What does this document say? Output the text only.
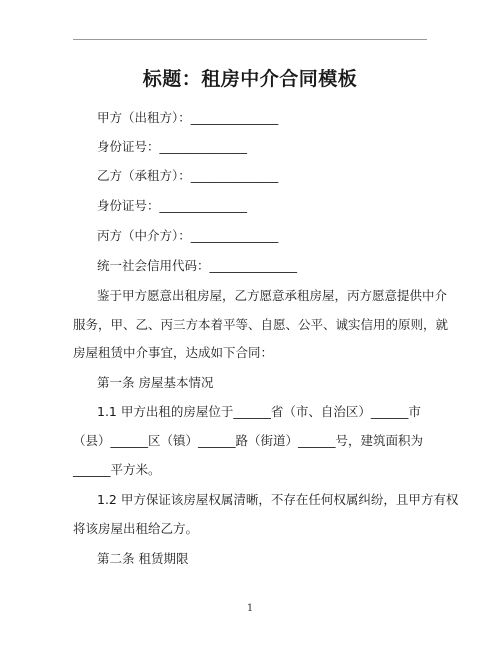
标题：租房中介合同模板

甲方（出租方）：______________

身份证号：______________

乙方（承租方）：______________

身份证号：______________

丙方（中介方）：______________

统一社会信用代码：______________

鉴于甲方愿意出租房屋，乙方愿意承租房屋，丙方愿意提供中介

服务，甲、乙、丙三方本着平等、自愿、公平、诚实信用的原则，就

房屋租赁中介事宜，达成如下合同：

第一条 房屋基本情况

1.1 甲方出租的房屋位于______省（市、自治区）______市

（县）______区（镇）______路（街道）______号，建筑面积为

______平方米。

1.2 甲方保证该房屋权属清晰，不存在任何权属纠纷，且甲方有权

将该房屋出租给乙方。

第二条 租赁期限

1
